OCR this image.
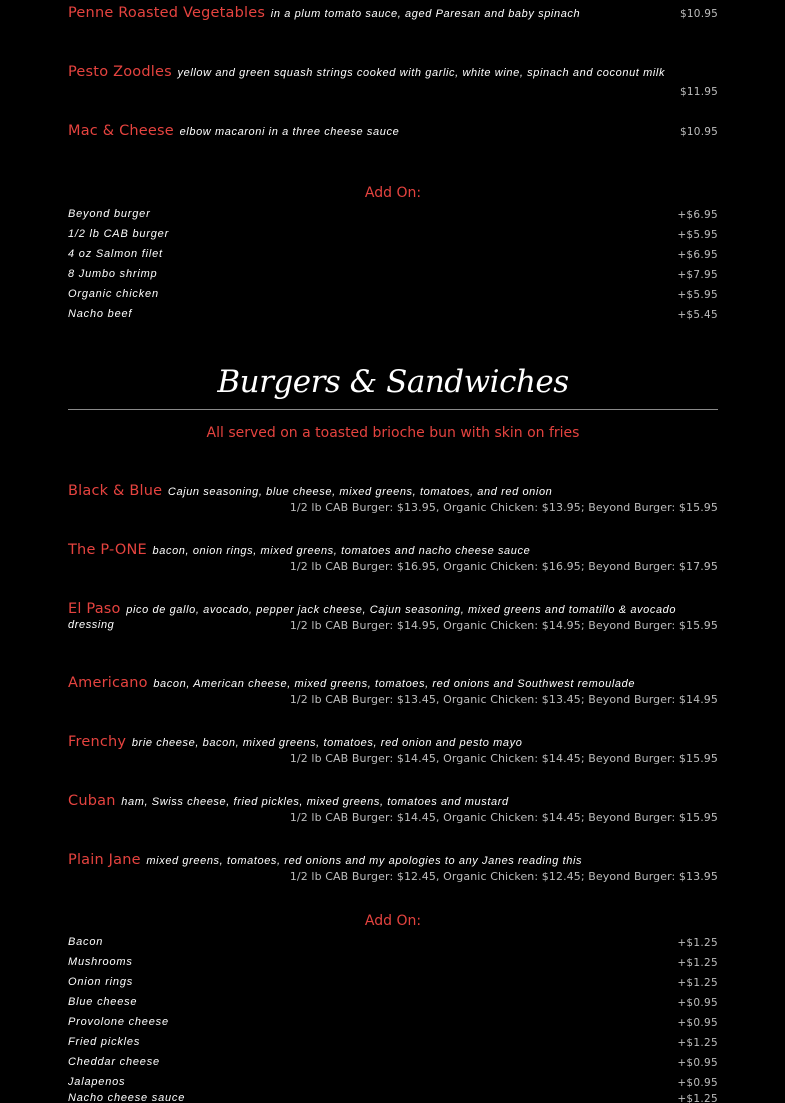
Penne Roasted Vegetables in a plum tomato sauce, aged Paresan and baby spinach	$10.95
Pesto Zoodles yellow and green squash strings cooked with garlic, white wine, spinach and coconut milk
$11.95
Mac & Cheese elbow macaroni in a three cheese sauce	$10.95
Add On:
Beyond burger	+$6.95
1/2 lb CAB burger	+$5.95
4 oz Salmon filet	+$6.95
8 Jumbo shrimp	+$7.95
Organic chicken	+$5.95
Nacho beef	+$5.45
Burgers & Sandwiches
All served on a toasted brioche bun with skin on fries
Black & Blue Cajun seasoning, blue cheese, mixed greens, tomatoes, and red onion
1/2 lb CAB Burger: $13.95, Organic Chicken: $13.95; Beyond Burger: $15.95
The P-ONE bacon, onion rings, mixed greens, tomatoes and nacho cheese sauce
1/2 lb CAB Burger: $16.95, Organic Chicken: $16.95; Beyond Burger: $17.95
El Paso pico de gallo, avocado, pepper jack cheese, Cajun seasoning, mixed greens and tomatillo & avocado dressing	1/2 lb CAB Burger: $14.95, Organic Chicken: $14.95; Beyond Burger: $15.95
Americano bacon, American cheese, mixed greens, tomatoes, red onions and Southwest remoulade
1/2 lb CAB Burger: $13.45, Organic Chicken: $13.45; Beyond Burger: $14.95
Frenchy brie cheese, bacon, mixed greens, tomatoes, red onion and pesto mayo
1/2 lb CAB Burger: $14.45, Organic Chicken: $14.45; Beyond Burger: $15.95
Cuban ham, Swiss cheese, fried pickles, mixed greens, tomatoes and mustard
1/2 lb CAB Burger: $14.45, Organic Chicken: $14.45; Beyond Burger: $15.95
Plain Jane mixed greens, tomatoes, red onions and my apologies to any Janes reading this
1/2 lb CAB Burger: $12.45, Organic Chicken: $12.45; Beyond Burger: $13.95
Add On:
Bacon	+$1.25
Mushrooms	+$1.25
Onion rings	+$1.25
Blue cheese	+$0.95
Provolone cheese	+$0.95
Fried pickles	+$1.25
Cheddar cheese	+$0.95
Jalapenos	+$0.95
Nacho cheese sauce	+$1.25
